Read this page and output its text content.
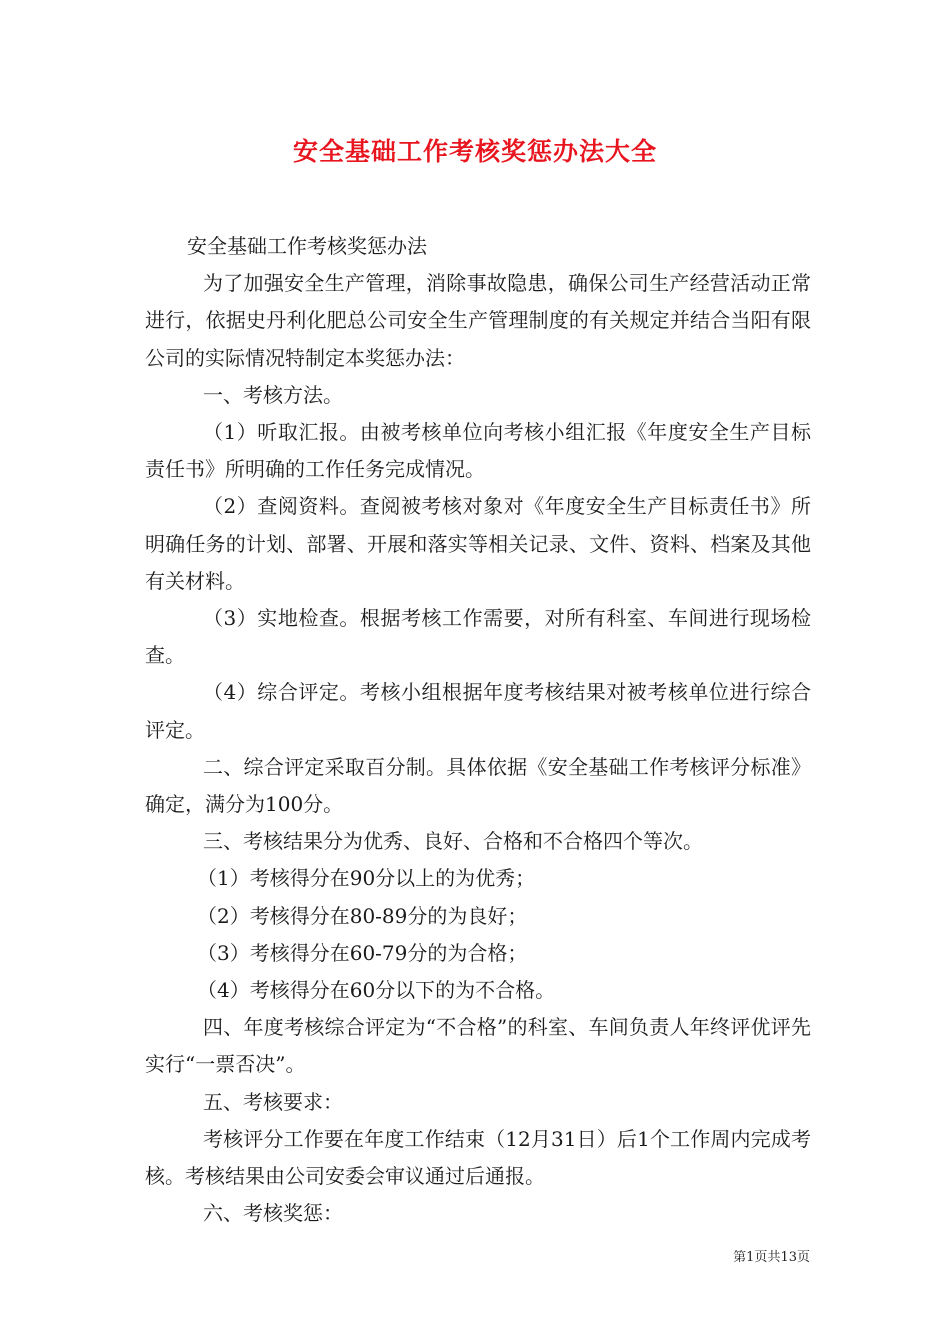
安全基础工作考核奖惩办法大全

安全基础工作考核奖惩办法

为了加强安全生产管理，消除事故隐患，确保公司生产经营活动正常进行，依据史丹利化肥总公司安全生产管理制度的有关规定并结合当阳有限公司的实际情况特制定本奖惩办法：

一、考核方法。

（1）听取汇报。由被考核单位向考核小组汇报《年度安全生产目标责任书》所明确的工作任务完成情况。

（2）查阅资料。查阅被考核对象对《年度安全生产目标责任书》所明确任务的计划、部署、开展和落实等相关记录、文件、资料、档案及其他有关材料。

（3）实地检查。根据考核工作需要，对所有科室、车间进行现场检查。

（4）综合评定。考核小组根据年度考核结果对被考核单位进行综合评定。

二、综合评定采取百分制。具体依据《安全基础工作考核评分标准》确定，满分为100分。

三、考核结果分为优秀、良好、合格和不合格四个等次。

（1）考核得分在90分以上的为优秀；

（2）考核得分在80-89分的为良好；

（3）考核得分在60-79分的为合格；

（4）考核得分在60分以下的为不合格。

四、年度考核综合评定为“不合格”的科室、车间负责人年终评优评先实行“一票否决”。

五、考核要求：

考核评分工作要在年度工作结束（12月31日）后1个工作周内完成考核。考核结果由公司安委会审议通过后通报。

六、考核奖惩：

第1页共13页
